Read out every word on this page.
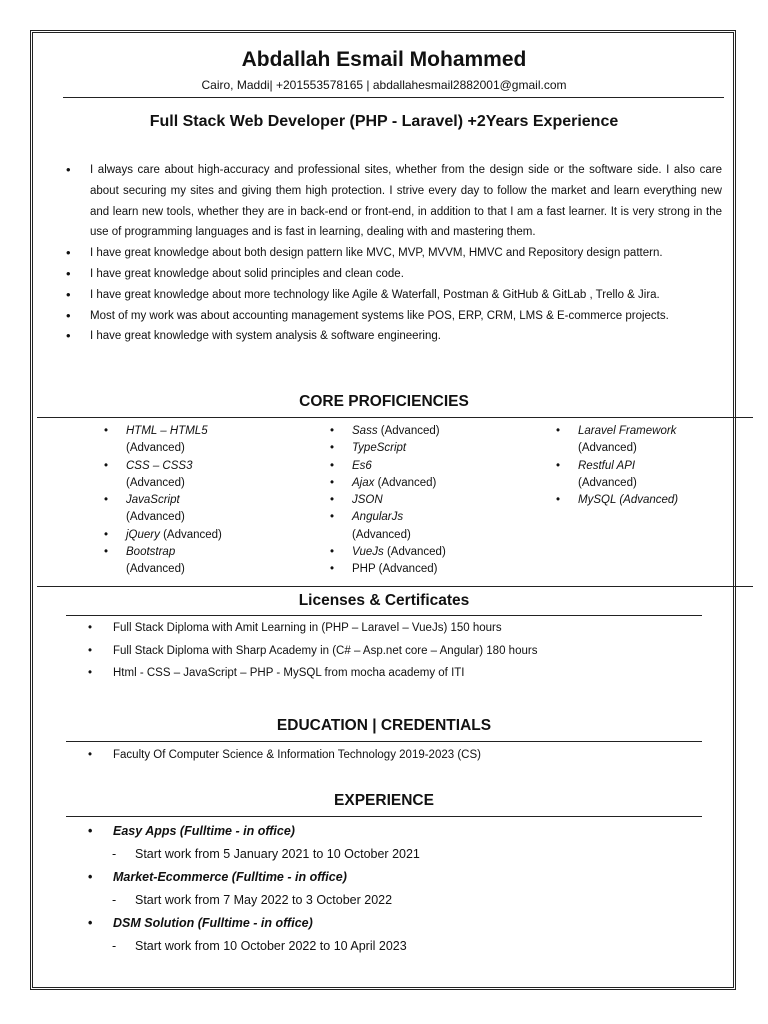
Abdallah Esmail Mohammed
Cairo, Maddi| +201553578165 | abdallahesmail2882001@gmail.com
Full Stack Web Developer (PHP - Laravel) +2Years Experience
• I always care about high-accuracy and professional sites, whether from the design side or the software side. I also care about securing my sites and giving them high protection. I strive every day to follow the market and learn everything new and learn new tools, whether they are in back-end or front-end, in addition to that I am a fast learner. It is very strong in the use of programming languages and is fast in learning, dealing with and mastering them.
• I have great knowledge about both design pattern like MVC, MVP, MVVM, HMVC and Repository design pattern.
• I have great knowledge about solid principles and clean code.
• I have great knowledge about more technology like Agile & Waterfall, Postman & GitHub & GitLab , Trello & Jira.
• Most of my work was about accounting management systems like POS, ERP, CRM, LMS & E-commerce projects.
• I have great knowledge with system analysis & software engineering.
CORE PROFICIENCIES
• HTML – HTML5
(Advanced)
• CSS – CSS3
(Advanced)
• JavaScript
(Advanced)
• jQuery (Advanced)
• Bootstrap
(Advanced)
• Sass (Advanced)
• TypeScript
• Es6
• Ajax (Advanced)
• JSON
• AngularJs
(Advanced)
• VueJs (Advanced)
• PHP (Advanced)
• Laravel Framework
(Advanced)
• Restful API
(Advanced)
• MySQL (Advanced)
Licenses & Certificates
• Full Stack Diploma with Amit Learning in (PHP – Laravel – VueJs) 150 hours
• Full Stack Diploma with Sharp Academy in (C# – Asp.net core – Angular) 180 hours
• Html - CSS – JavaScript – PHP - MySQL from mocha academy of ITI
EDUCATION | CREDENTIALS
• Faculty Of Computer Science & Information Technology 2019-2023 (CS)
EXPERIENCE
• Easy Apps (Fulltime - in office)
- Start work from 5 January 2021 to 10 October 2021
• Market-Ecommerce (Fulltime - in office)
- Start work from 7 May 2022 to 3 October 2022
• DSM Solution (Fulltime - in office)
- Start work from 10 October 2022 to 10 April 2023
